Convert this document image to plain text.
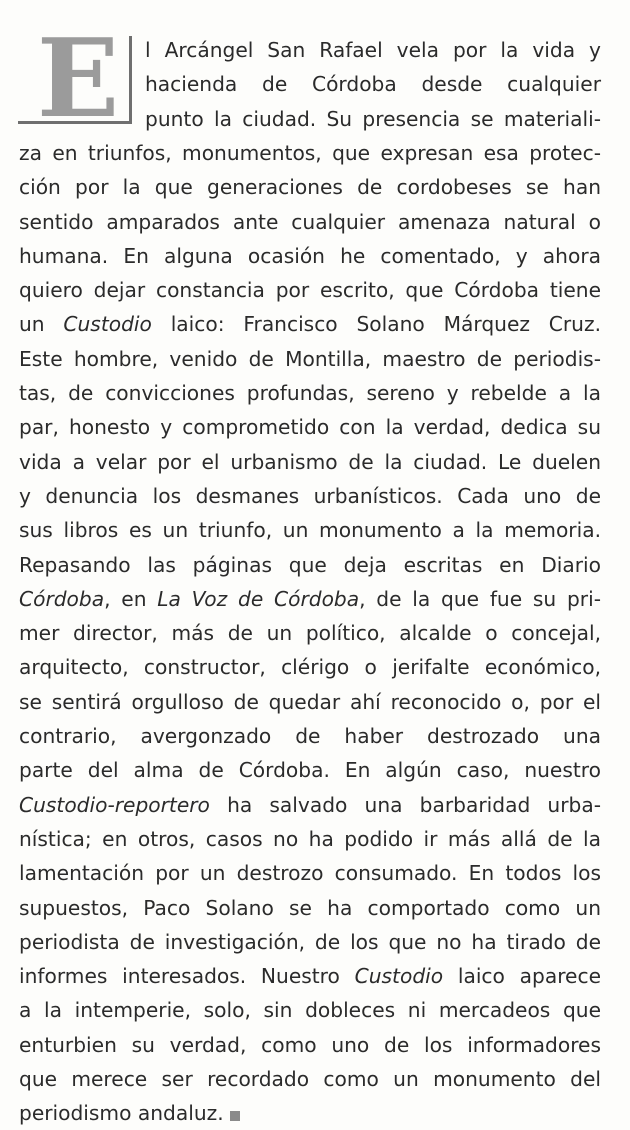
E	l Arcángel San Rafael vela por la vida y
hacienda de Córdoba desde cualquier
punto la ciudad. Su presencia se materiali-
za en triunfos, monumentos, que expresan esa protec-
ción por la que generaciones de cordobeses se han
sentido amparados ante cualquier amenaza natural o
humana. En alguna ocasión he comentado, y ahora
quiero dejar constancia por escrito, que Córdoba tiene
un Custodio laico: Francisco Solano Márquez Cruz.
Este hombre, venido de Montilla, maestro de periodis-
tas, de convicciones profundas, sereno y rebelde a la
par, honesto y comprometido con la verdad, dedica su
vida a velar por el urbanismo de la ciudad. Le duelen
y denuncia los desmanes urbanísticos. Cada uno de
sus libros es un triunfo, un monumento a la memoria.
Repasando las páginas que deja escritas en Diario
Córdoba, en La Voz de Córdoba, de la que fue su pri-
mer director, más de un político, alcalde o concejal,
arquitecto, constructor, clérigo o jerifalte económico,
se sentirá orgulloso de quedar ahí reconocido o, por el
contrario, avergonzado de haber destrozado una
parte del alma de Córdoba. En algún caso, nuestro
Custodio-reportero ha salvado una barbaridad urba-
nística; en otros, casos no ha podido ir más allá de la
lamentación por un destrozo consumado. En todos los
supuestos, Paco Solano se ha comportado como un
periodista de investigación, de los que no ha tirado de
informes interesados. Nuestro Custodio laico aparece
a la intemperie, solo, sin dobleces ni mercadeos que
enturbien su verdad, como uno de los informadores
que merece ser recordado como un monumento del
periodismo andaluz.
